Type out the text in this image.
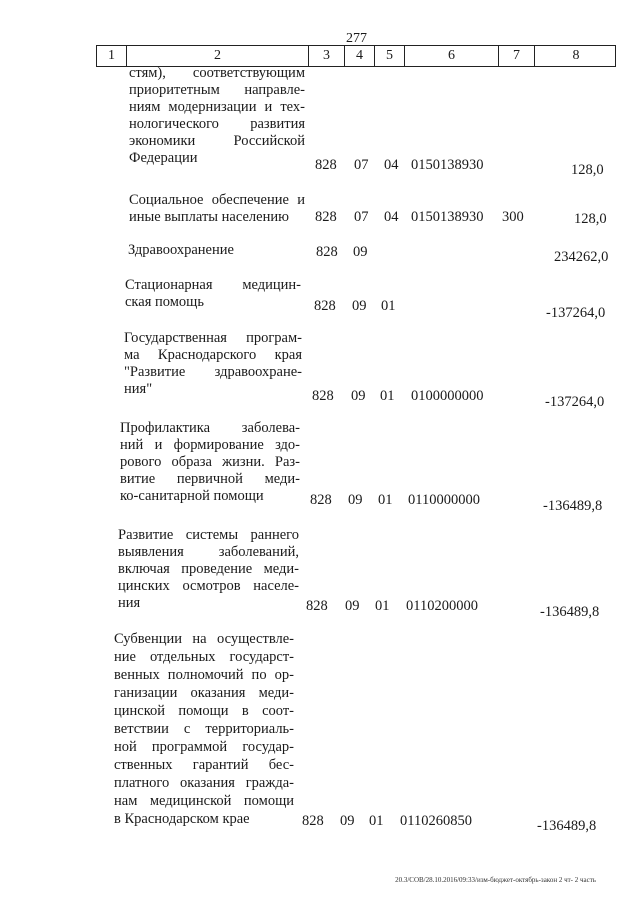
277
1	2	3	4	5	6	7	8
стям), соответствующим
приоритетным направле-
ниям модернизации и тех-
нологического развития
экономики Российской
Федерации	828 07 04 0150138930	128,0
Социальное обеспечение и
иные выплаты населению	828 07 04 0150138930 300	128,0
Здравоохранение	828 09	234262,0
Стационарная медицин-
ская помощь	828 09 01	-137264,0
Государственная програм-
ма Краснодарского края
"Развитие здравоохране-
ния"	828 09 01 0100000000	-137264,0
Профилактика заболева-
ний и формирование здо-
рового образа жизни. Раз-
витие первичной меди-
ко-санитарной помощи	828 09 01 0110000000	-136489,8
Развитие системы раннего
выявления заболеваний,
включая проведение меди-
цинских осмотров населе-
ния	828 09 01 0110200000	-136489,8
Субвенции на осуществле-
ние отдельных государст-
венных полномочий по ор-
ганизации оказания меди-
цинской помощи в соот-
ветствии с территориаль-
ной программой государ-
ственных гарантий бес-
платного оказания гражда-
нам медицинской помощи
в Краснодарском крае	828 09 01 0110260850	-136489,8
20.3/СОВ/28.10.2016/09:33/изм-бюджет-октябрь-закон 2 чт- 2 часть
